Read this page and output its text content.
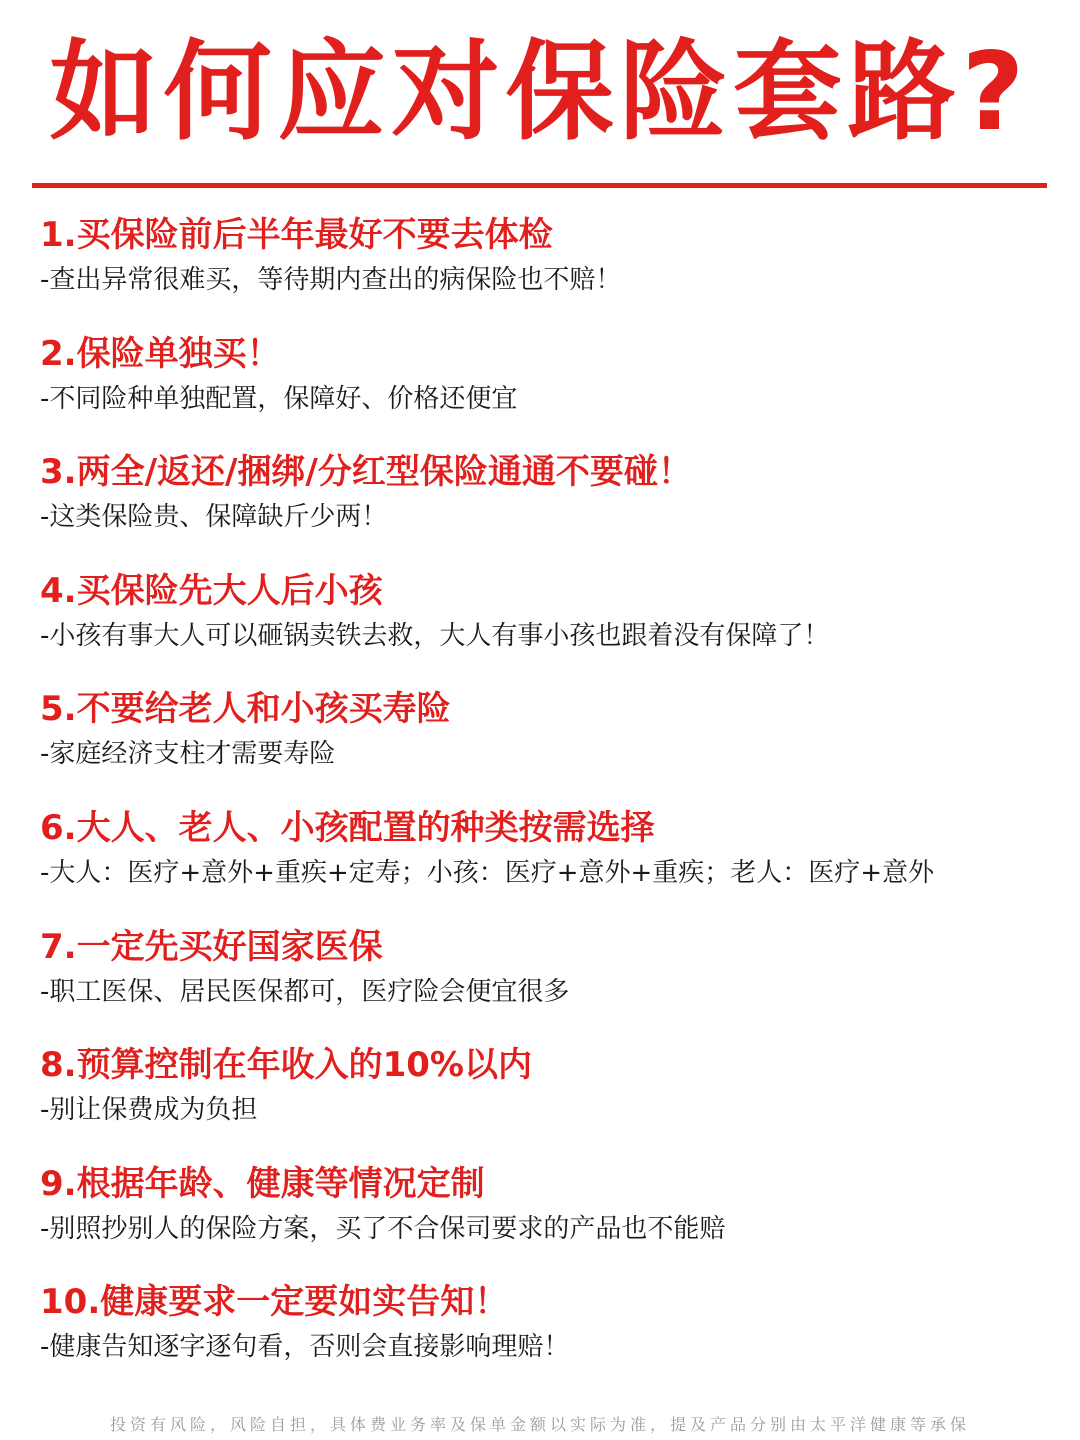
如何应对保险套路?
1.买保险前后半年最好不要去体检
-查出异常很难买，等待期内查出的病保险也不赔！
2.保险单独买！
-不同险种单独配置，保障好、价格还便宜
3.两全/返还/捆绑/分红型保险通通不要碰！
-这类保险贵、保障缺斤少两！
4.买保险先大人后小孩
-小孩有事大人可以砸锅卖铁去救，大人有事小孩也跟着没有保障了！
5.不要给老人和小孩买寿险
-家庭经济支柱才需要寿险
6.大人、老人、小孩配置的种类按需选择
-大人：医疗+意外+重疾+定寿；小孩：医疗+意外+重疾；老人：医疗+意外
7.一定先买好国家医保
-职工医保、居民医保都可，医疗险会便宜很多
8.预算控制在年收入的10%以内
-别让保费成为负担
9.根据年龄、健康等情况定制
-别照抄别人的保险方案，买了不合保司要求的产品也不能赔
10.健康要求一定要如实告知！
-健康告知逐字逐句看，否则会直接影响理赔！
投资有风险，风险自担，具体费业务率及保单金额以实际为准，提及产品分别由太平洋健康等承保
